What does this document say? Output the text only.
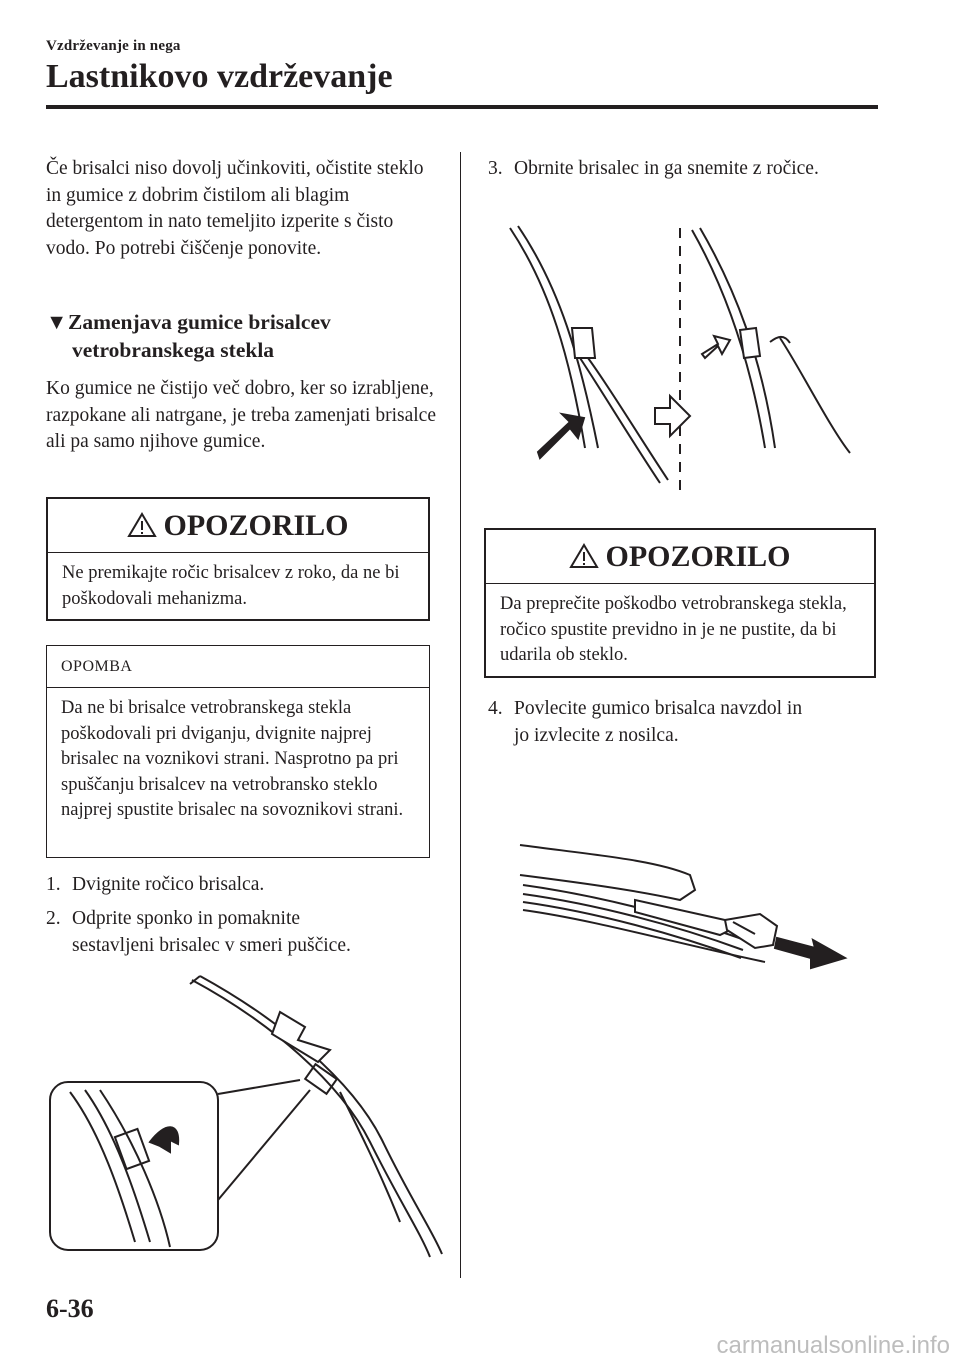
Vzdrževanje in nega
Lastnikovo vzdrževanje

Če brisalci niso dovolj učinkoviti, očistite steklo in gumice z dobrim čistilom ali blagim detergentom in nato temeljito izperite s čisto vodo. Po potrebi čiščenje ponovite.

▼Zamenjava gumice brisalcev
vetrobranskega stekla

Ko gumice ne čistijo več dobro, ker so izrabljene, razpokane ali natrgane, je treba zamenjati brisalce ali pa samo njihove gumice.

OPOZORILO
Ne premikajte ročic brisalcev z roko, da ne bi poškodovali mehanizma.
OPOMBA
Da ne bi brisalce vetrobranskega stekla poškodovali pri dviganju, dvignite najprej brisalec na voznikovi strani. Nasprotno pa pri spuščanju brisalcev na vetrobransko steklo najprej spustite brisalec na sovoznikovi strani.
1. Dvignite ročico brisalca.
2. Odprite sponko in pomaknite
sestavljeni brisalec v smeri puščice.
3. Obrnite brisalec in ga snemite z ročice.
OPOZORILO
Da preprečite poškodbo vetrobranskega stekla, ročico spustite previdno in je ne pustite, da bi udarila ob steklo.
4. Povlecite gumico brisalca navzdol in
jo izvlecite z nosilca.
6-36
carmanualsonline.info
